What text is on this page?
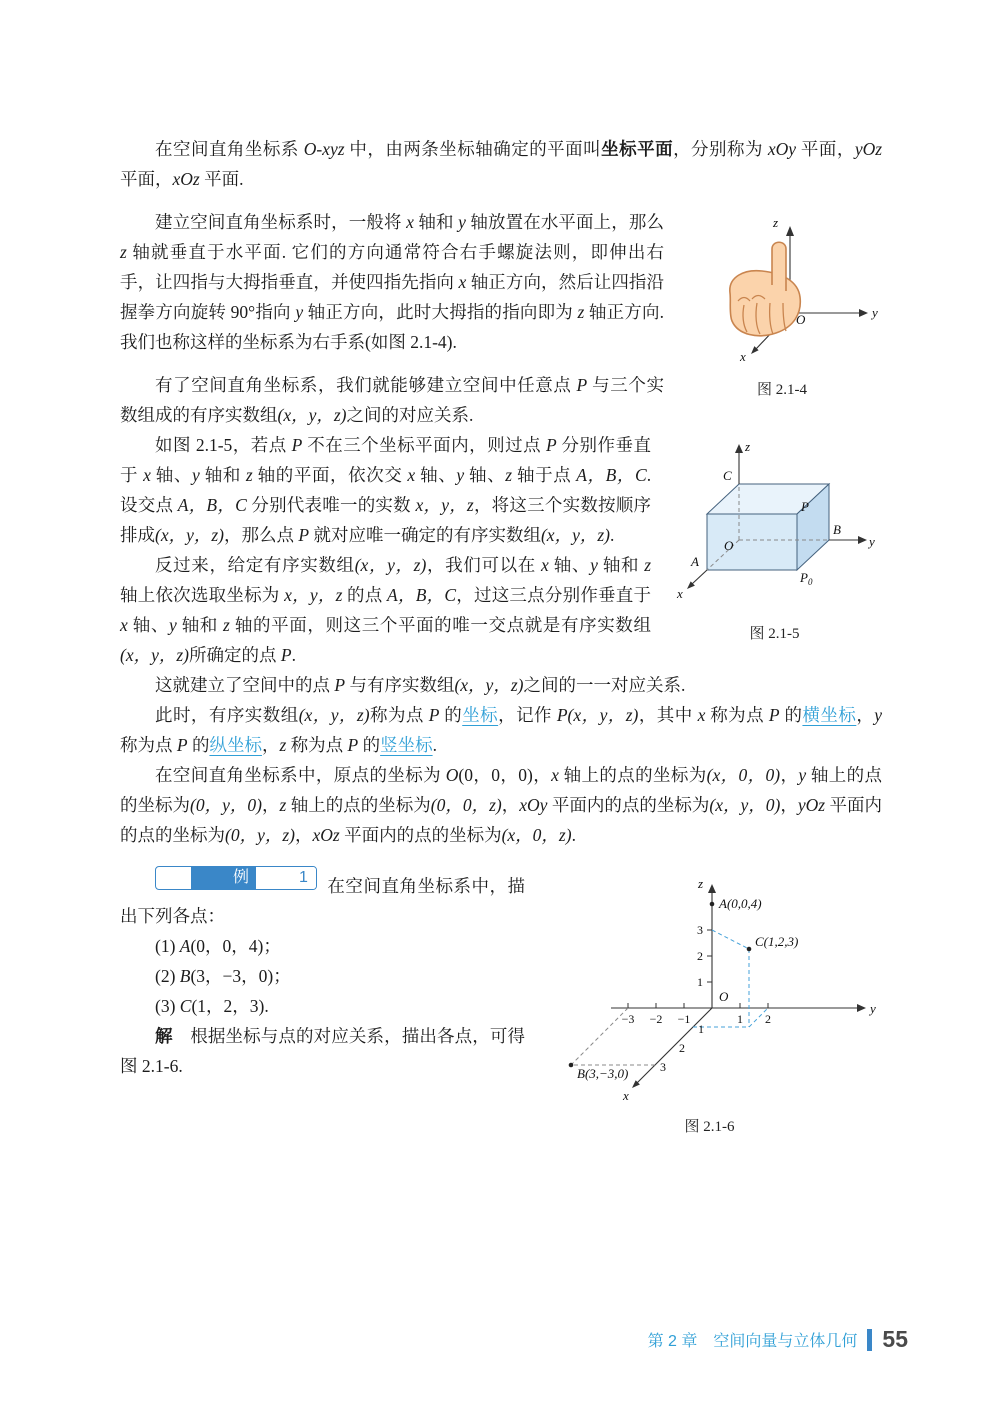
在空间直角坐标系 O-xyz 中，由两条坐标轴确定的平面叫坐标平面，分别称为 xOy 平面，yOz 平面，xOz 平面.

z
y
x
O
图 2.1-4

建立空间直角坐标系时，一般将 x 轴和 y 轴放置在水平面上，那么 z 轴就垂直于水平面. 它们的方向通常符合右手螺旋法则，即伸出右手，让四指与大拇指垂直，并使四指先指向 x 轴正方向，然后让四指沿握拳方向旋转 90°指向 y 轴正方向，此时大拇指的指向即为 z 轴正方向. 我们也称这样的坐标系为右手系(如图 2.1-4).

有了空间直角坐标系，我们就能够建立空间中任意点 P 与三个实数组成的有序实数组(x，y，z)之间的对应关系.

z
C
P
B
y
O
A
$P_0$
x
图 2.1-5

如图 2.1-5，若点 P 不在三个坐标平面内，则过点 P 分别作垂直于 x 轴、y 轴和 z 轴的平面，依次交 x 轴、y 轴、z 轴于点 A，B，C. 设交点 A，B，C 分别代表唯一的实数 x，y，z，将这三个实数按顺序排成(x，y，z)，那么点 P 就对应唯一确定的有序实数组(x，y，z).

反过来，给定有序实数组(x，y，z)，我们可以在 x 轴、y 轴和 z 轴上依次选取坐标为 x，y，z 的点 A，B，C，过这三点分别作垂直于 x 轴、y 轴和 z 轴的平面，则这三个平面的唯一交点就是有序实数组(x，y，z)所确定的点 P.

这就建立了空间中的点 P 与有序实数组(x，y，z)之间的一一对应关系.

此时，有序实数组(x，y，z)称为点 P 的坐标，记作 P(x，y，z)，其中 x 称为点 P 的横坐标，y 称为点 P 的纵坐标，z 称为点 P 的竖坐标.

在空间直角坐标系中，原点的坐标为 O(0，0，0)，x 轴上的点的坐标为(x，0，0)，y 轴上的点的坐标为(0，y，0)，z 轴上的点的坐标为(0，0，z)，xOy 平面内的点的坐标为(x，y，0)，yOz 平面内的点的坐标为(0，y，z)，xOz 平面内的点的坐标为(x，0，z).

z
y
x
O
A(0,0,4)
C(1,2,3)
B(3,−3,0)
1
2
3
1 2
−3 −2 −1
1
2
3
图 2.1-6

例	1 在空间直角坐标系中，描出下列各点：

(1) A(0，0，4)；

(2) B(3，−3，0)；

(3) C(1，2，3).

解　根据坐标与点的对应关系，描出各点，可得图 2.1-6.

第 2 章　空间向量与立体几何 55
